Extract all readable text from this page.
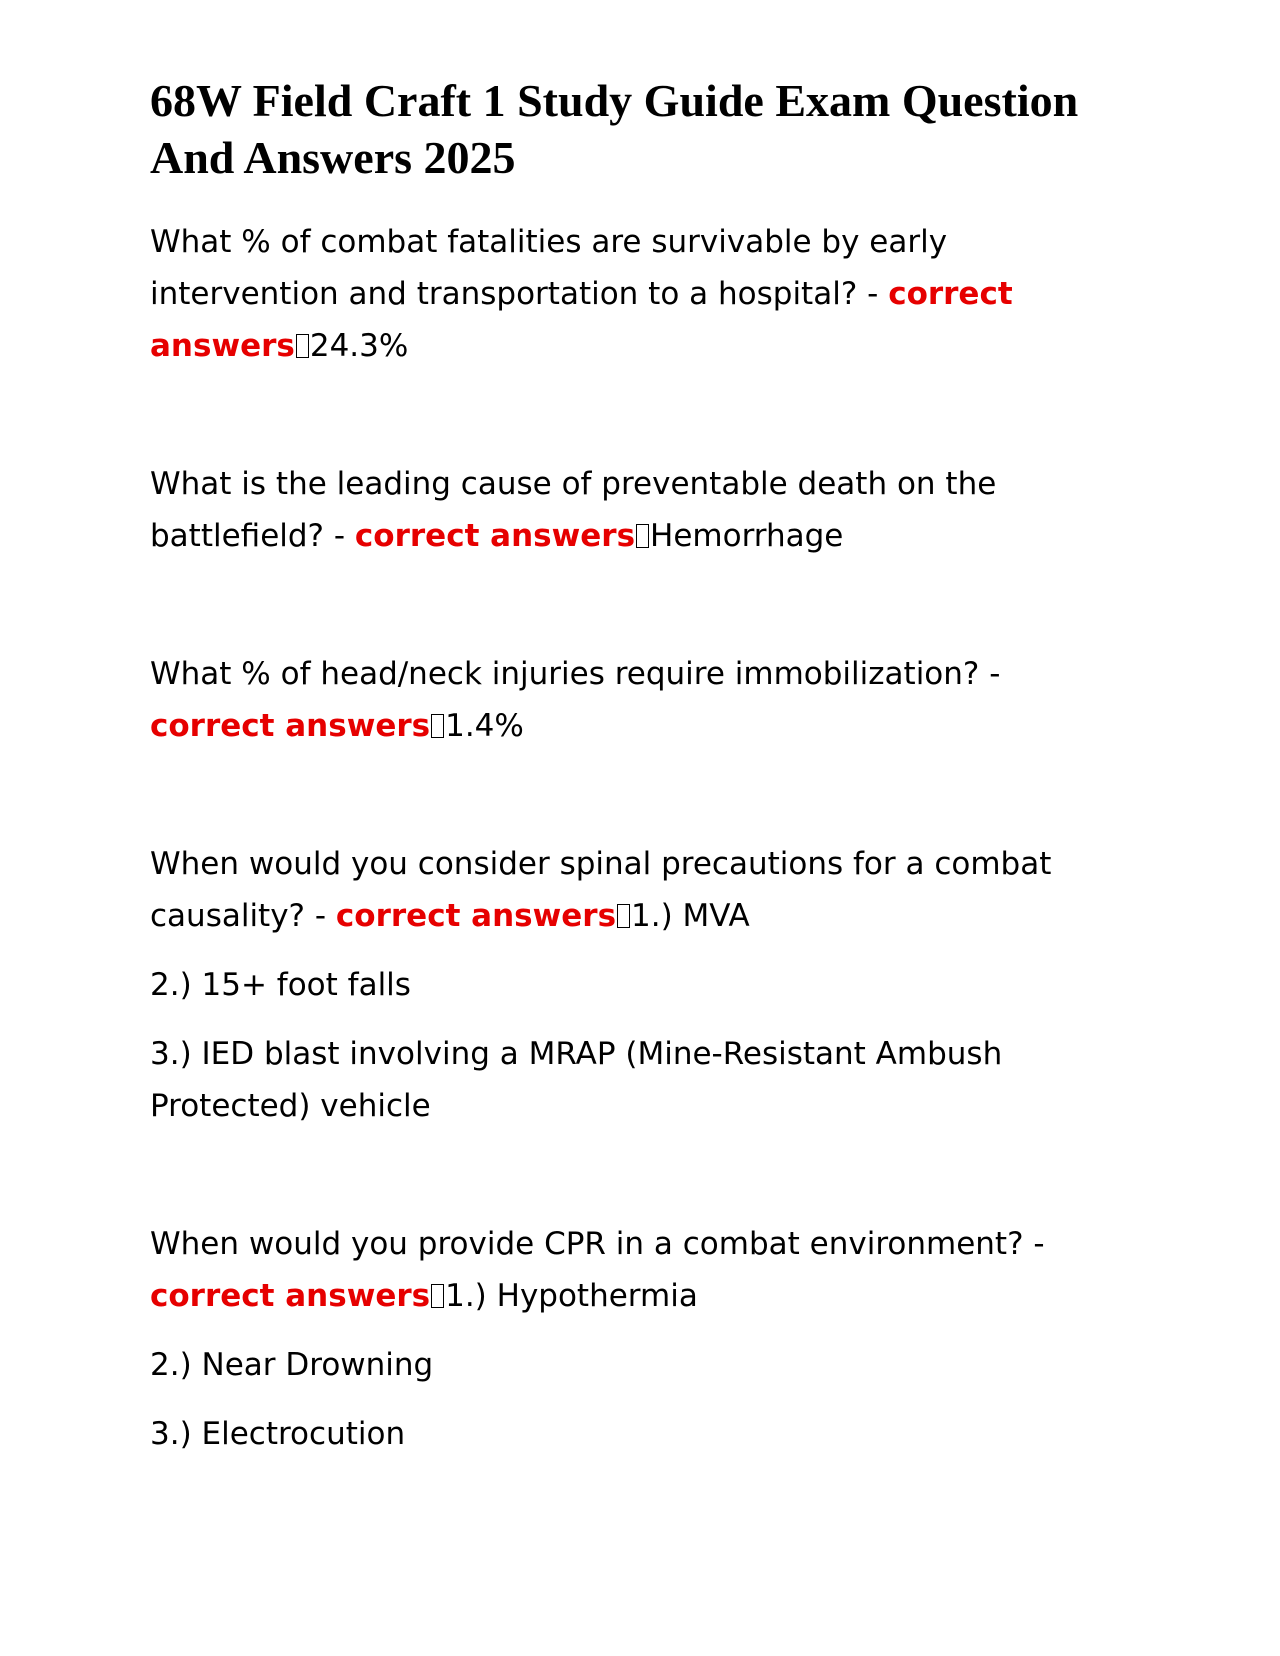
68W Field Craft 1 Study Guide Exam Question And Answers 2025

What % of combat fatalities are survivable by early intervention and transportation to a hospital? - correct answers 24.3%

What is the leading cause of preventable death on the battlefield? - correct answers Hemorrhage

What % of head/neck injuries require immobilization? - correct answers 1.4%

When would you consider spinal precautions for a combat causality? - correct answers 1.) MVA

2.) 15+ foot falls

3.) IED blast involving a MRAP (Mine-Resistant Ambush Protected) vehicle

When would you provide CPR in a combat environment? - correct answers 1.) Hypothermia

2.) Near Drowning

3.) Electrocution
